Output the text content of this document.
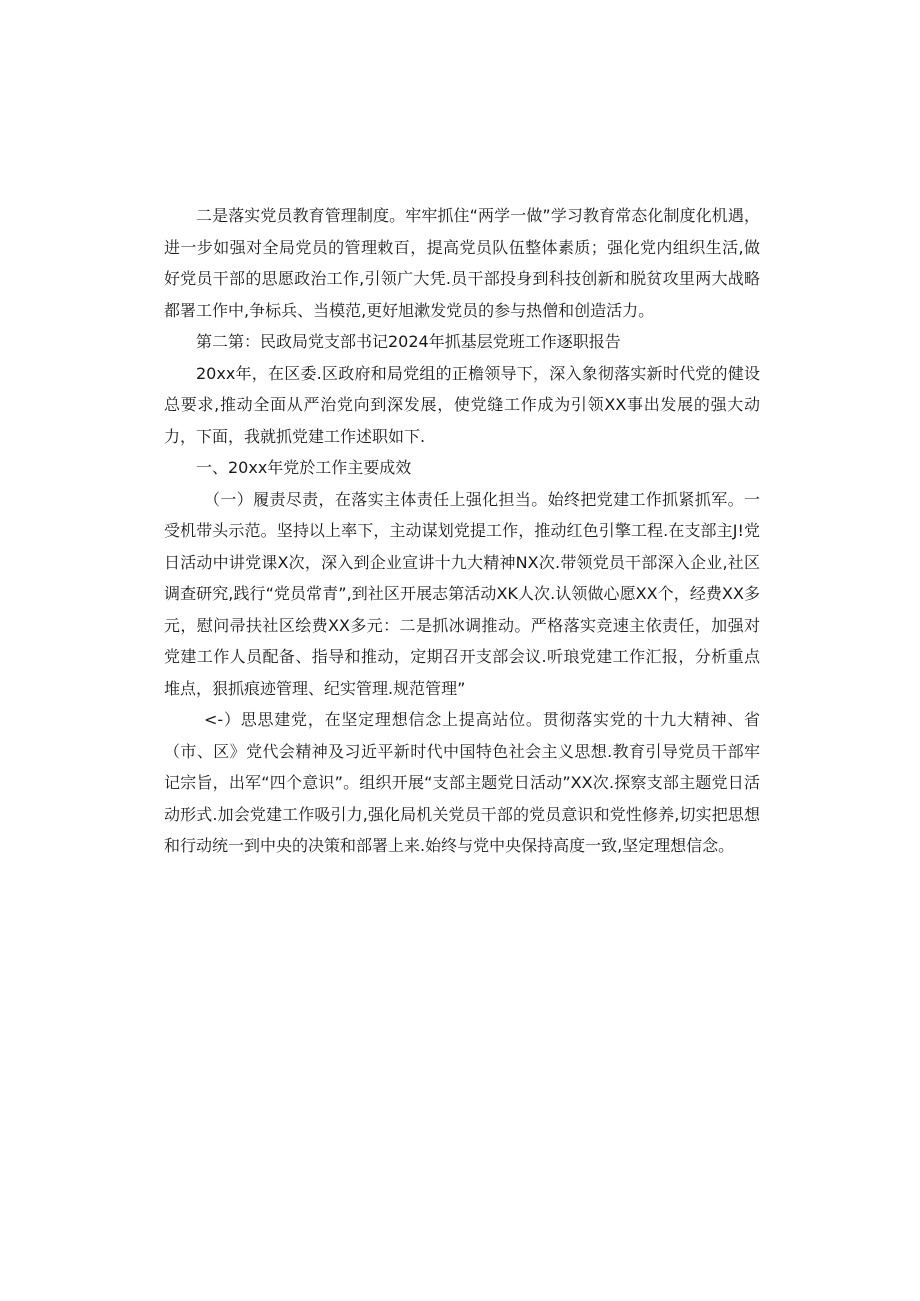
二是落实党员教育管理制度。牢牢抓住“两学一做”学习教育常态化制度化机遇，进一步如强对全局党员的管理敕百，提高党员队伍整体素质；强化党内组织生活,做好党员干部的思愿政治工作,引领广大凭.员干部投身到科技创新和脱贫攻里两大战略都署工作中,争标兵、当模范,更好旭漱发党员的参与热僧和创造活力。

第二第：民政局党支部书记2024年抓基层党班工作逐职报告

20xx年，在区委.区政府和局党组的正檐领导下，深入象彻落实新时代党的健设总要求,推动全面从严治党向到深发展，使党缝工作成为引领XX事出发展的强大动力，下面，我就抓党建工作述职如下.

一、20xx年党於工作主要成效

（一）履责尽责，在落实主体责任上强化担当。始终把党建工作抓紧抓军。一受机带头示范。坚持以上率下，主动谋划党提工作，推动红色引擎工程.在支部主J!党日活动中讲党课X次，深入到企业宣讲十九大精神NX次.带领党员干部深入企业,社区调查研究,践行“党员常青”,到社区开展志第活动XK人次.认领做心愿XX个，经费XX多元，慰问帚扶社区绘费XX多元：二是抓冰调推动。严格落实竞速主依责任，加强对党建工作人员配备、指导和推动，定期召开支部会议.听琅党建工作汇报，分析重点堆点，狠抓痕迹管理、纪实管理.规范管理”

<-）思思建党，在坚定理想信念上提高站位。贯彻落实党的十九大精神、省（市、区》党代会精神及习近平新时代中国特色社会主义思想.教育引导党员干部牢记宗旨，出军“四个意识”。组织开展“支部主题党日活动”XX次.探察支部主题党日活动形式.加会党建工作吸引力,强化局机关党员干部的党员意识和党性修养,切实把思想和行动统一到中央的决策和部署上来.始终与党中央保持高度一致,坚定理想信念。
